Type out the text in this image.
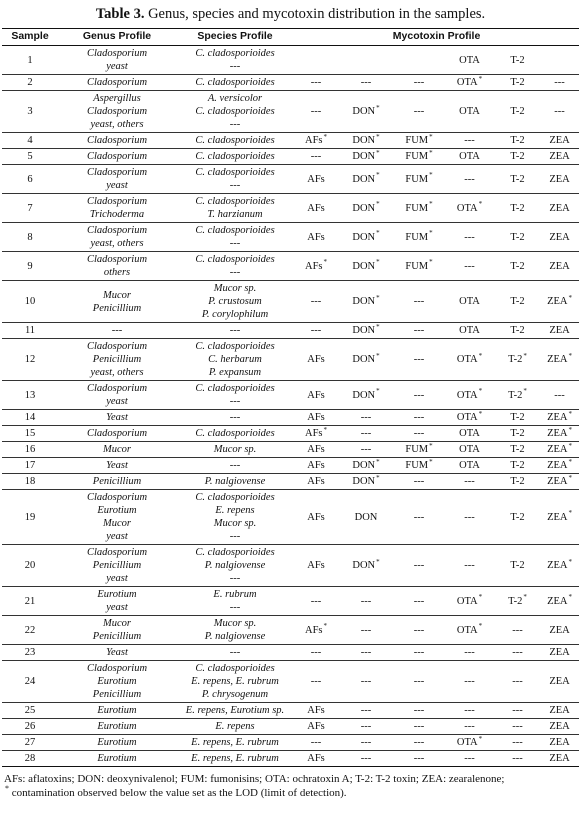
Table 3. Genus, species and mycotoxin distribution in the samples.
Sample	Genus Profile	Species Profile	Mycotoxin Profile					
1	Cladosporium
yeast	C. cladosporioides
---				OTA	T-2	
2	Cladosporium	C. cladosporioides	---	---	---	OTA*	T-2	---
3	Aspergillus
Cladosporium
yeast, others	A. versicolor
C. cladosporioides
---	---	DON*	---	OTA	T-2	---
4	Cladosporium	C. cladosporioides	AFs*	DON*	FUM*	---	T-2	ZEA
5	Cladosporium	C. cladosporioides	---	DON*	FUM*	OTA	T-2	ZEA
6	Cladosporium
yeast	C. cladosporioides
---	AFs	DON*	FUM*	---	T-2	ZEA
7	Cladosporium
Trichoderma	C. cladosporioides
T. harzianum	AFs	DON*	FUM*	OTA*	T-2	ZEA
8	Cladosporium
yeast, others	C. cladosporioides
---	AFs	DON*	FUM*	---	T-2	ZEA
9	Cladosporium
others	C. cladosporioides
---	AFs*	DON*	FUM*	---	T-2	ZEA
10	Mucor
Penicillium	Mucor sp.
P. crustosum
P. corylophilum	---	DON*	---	OTA	T-2	ZEA*
11	---	---	---	DON*	---	OTA	T-2	ZEA
12	Cladosporium
Penicillium
yeast, others	C. cladosporioides
C. herbarum
P. expansum	AFs	DON*	---	OTA*	T-2*	ZEA*
13	Cladosporium
yeast	C. cladosporioides
---	AFs	DON*	---	OTA*	T-2*	---
14	Yeast	---	AFs	---	---	OTA*	T-2	ZEA*
15	Cladosporium	C. cladosporioides	AFs*	---	---	OTA	T-2	ZEA*
16	Mucor	Mucor sp.	AFs	---	FUM*	OTA	T-2	ZEA*
17	Yeast	---	AFs	DON*	FUM*	OTA	T-2	ZEA*
18	Penicillium	P. nalgiovense	AFs	DON*	---	---	T-2	ZEA*
19	Cladosporium
Eurotium
Mucor
yeast	C. cladosporioides
E. repens
Mucor sp.
---	AFs	DON	---	---	T-2	ZEA*
20	Cladosporium
Penicillium
yeast	C. cladosporioides
P. nalgiovense
---	AFs	DON*	---	---	T-2	ZEA*
21	Eurotium
yeast	E. rubrum
---	---	---	---	OTA*	T-2*	ZEA*
22	Mucor
Penicillium	Mucor sp.
P. nalgiovense	AFs*	---	---	OTA*	---	ZEA
23	Yeast	---	---	---	---	---	---	ZEA
24	Cladosporium
Eurotium
Penicillium	C. cladosporioides
E. repens, E. rubrum
P. chrysogenum	---	---	---	---	---	ZEA
25	Eurotium	E. repens, Eurotium sp.	AFs	---	---	---	---	ZEA
26	Eurotium	E. repens	AFs	---	---	---	---	ZEA
27	Eurotium	E. repens, E. rubrum	---	---	---	OTA*	---	ZEA
28	Eurotium	E. repens, E. rubrum	AFs	---	---	---	---	ZEA
AFs: aflatoxins; DON: deoxynivalenol; FUM: fumonisins; OTA: ochratoxin A; T-2: T-2 toxin; ZEA: zearalenone;
* contamination observed below the value set as the LOD (limit of detection).
